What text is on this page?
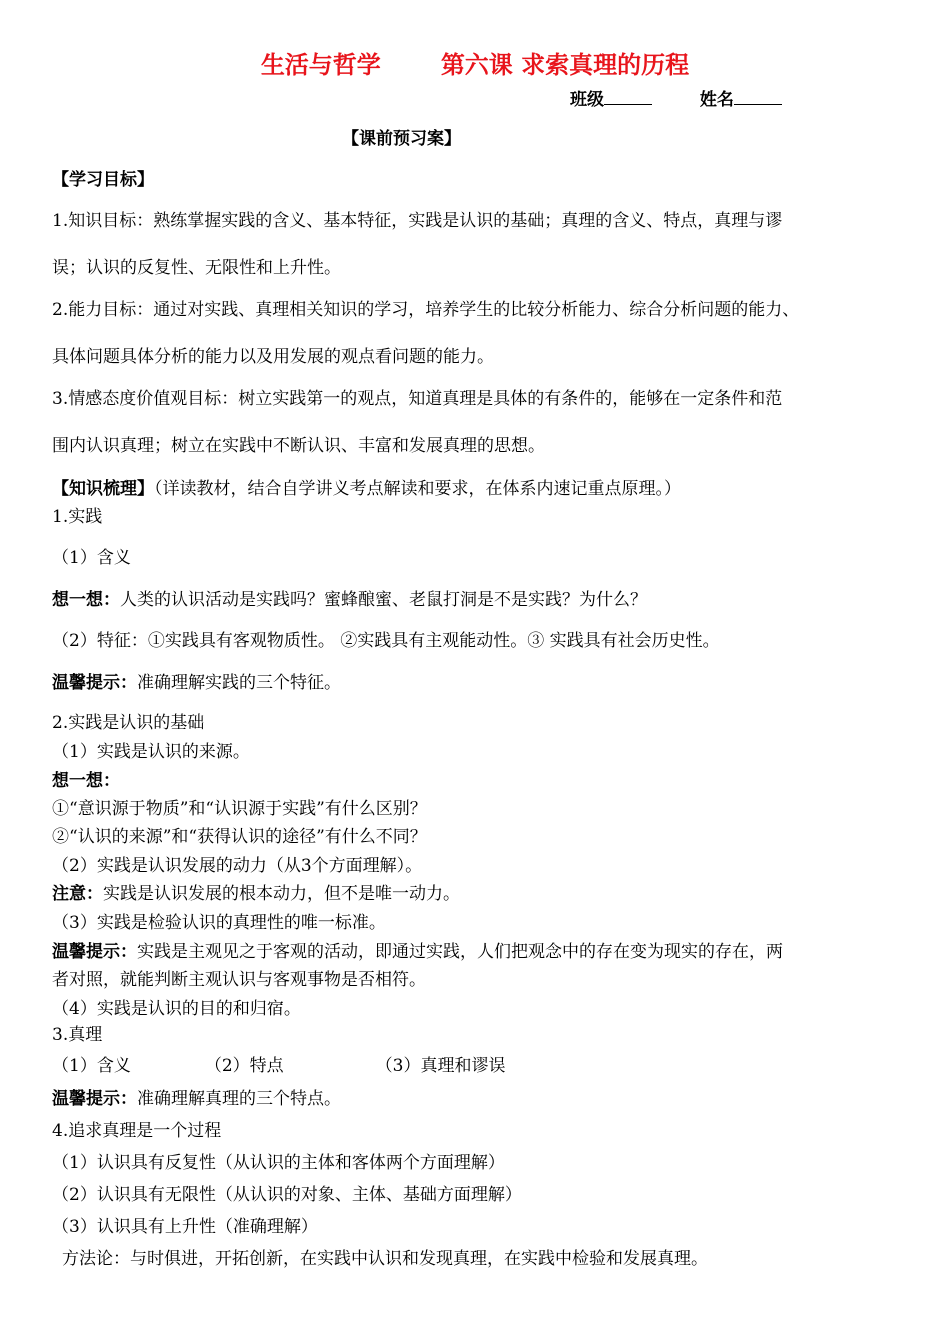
生活与哲学	第六课 求索真理的历程
班级	姓名
【课前预习案】
【学习目标】
1.知识目标：熟练掌握实践的含义、基本特征，实践是认识的基础；真理的含义、特点，真理与谬
误；认识的反复性、无限性和上升性。
2.能力目标：通过对实践、真理相关知识的学习，培养学生的比较分析能力、综合分析问题的能力、
具体问题具体分析的能力以及用发展的观点看问题的能力。
3.情感态度价值观目标：树立实践第一的观点，知道真理是具体的有条件的，能够在一定条件和范
围内认识真理；树立在实践中不断认识、丰富和发展真理的思想。
【知识梳理】（详读教材，结合自学讲义考点解读和要求，在体系内速记重点原理。）
1.实践
（1）含义
想一想：人类的认识活动是实践吗？蜜蜂酿蜜、老鼠打洞是不是实践？为什么？
（2）特征：①实践具有客观物质性。 ②实践具有主观能动性。③ 实践具有社会历史性。
温馨提示：准确理解实践的三个特征。
2.实践是认识的基础
（1）实践是认识的来源。
想一想：
①“意识源于物质”和“认识源于实践”有什么区别？
②“认识的来源”和“获得认识的途径”有什么不同？
（2）实践是认识发展的动力（从3个方面理解）。
注意：实践是认识发展的根本动力，但不是唯一动力。
（3）实践是检验认识的真理性的唯一标准。
温馨提示：实践是主观见之于客观的活动，即通过实践，人们把观念中的存在变为现实的存在，两
者对照，就能判断主观认识与客观事物是否相符。
（4）实践是认识的目的和归宿。
3.真理
（1）含义	（2）特点	（3）真理和谬误
温馨提示：准确理解真理的三个特点。
4.追求真理是一个过程
（1）认识具有反复性（从认识的主体和客体两个方面理解）
（2）认识具有无限性（从认识的对象、主体、基础方面理解）
（3）认识具有上升性（准确理解）
方法论：与时俱进，开拓创新，在实践中认识和发现真理，在实践中检验和发展真理。
